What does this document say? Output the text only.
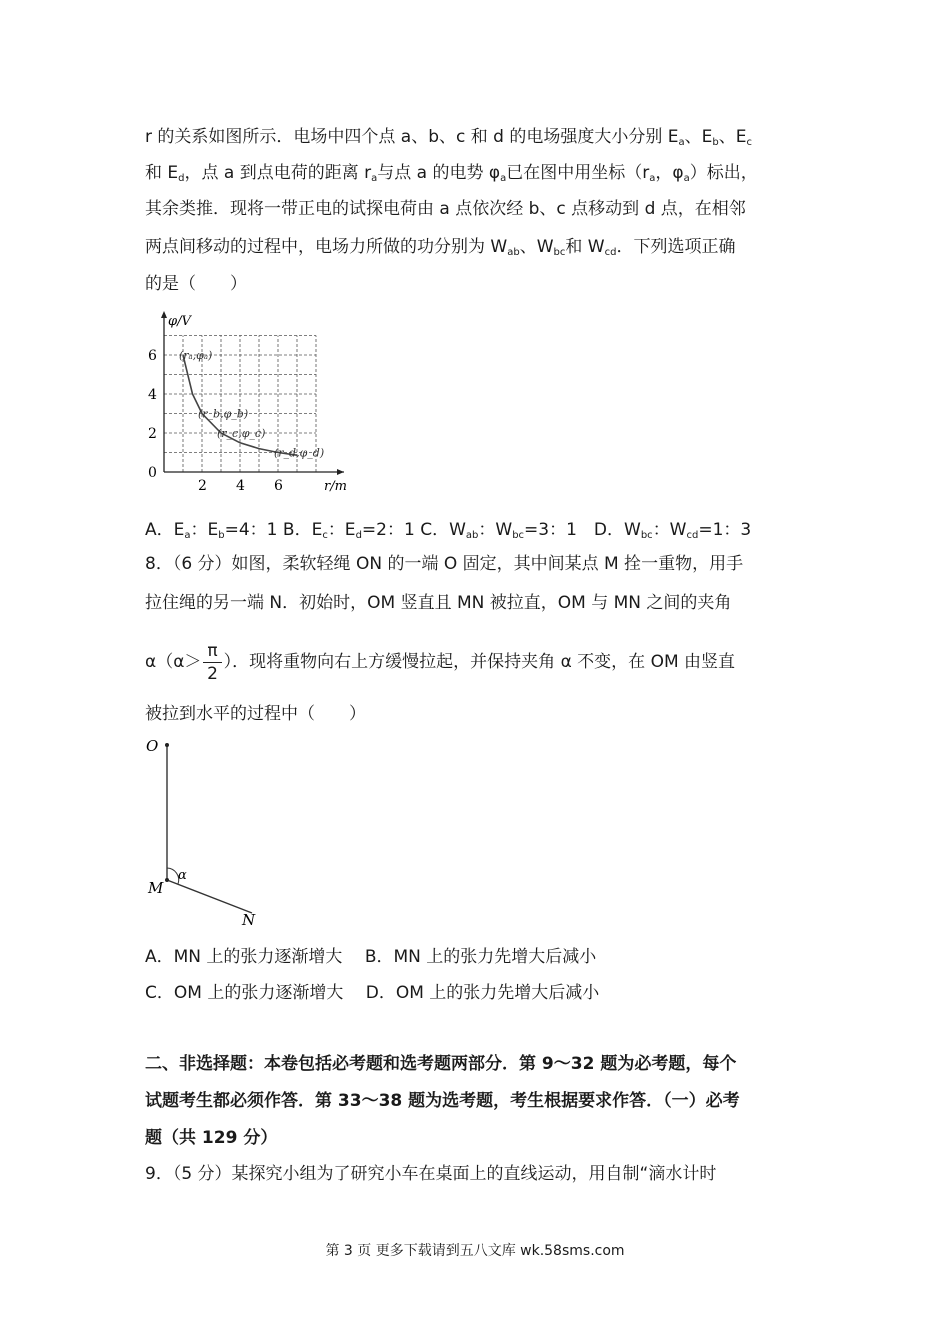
r 的关系如图所示．电场中四个点 a、b、c 和 d 的电场强度大小分别 $E_a$、$E_b$、$E_c$
和 $E_d$，点 a 到点电荷的距离 $r_a$与点 a 的电势 $\varphi_a$已在图中用坐标（$r_a$，$\varphi_a$）标出，
其余类推．现将一带正电的试探电荷由 a 点依次经 b、c 点移动到 d 点，在相邻
两点间移动的过程中，电场力所做的功分别为 $W_{ab}$、$W_{bc}$和 $W_{cd}$．下列选项正确
的是（　　）
0
2
4
6
2 4 6
(rₐ,φₐ)
(r_b,φ_b)
(r_c,φ_c)
(r_d,φ_d)
φ/V
r/m
A．$E_a$：$E_b=4$：1 B．$E_c$：$E_d=2$：1 C．$W_{ab}$：$W_{bc}=3$：1　D．$W_{bc}$：$W_{cd}=1$：3
8．（6 分）如图，柔软轻绳 ON 的一端 O 固定，其中间某点 M 拴一重物，用手
拉住绳的另一端 N．初始时，OM 竖直且 MN 被拉直，OM 与 MN 之间的夹角
$\alpha(\alpha> \frac{\pi}{2}$ ）．现将重物向右上方缓慢拉起，并保持夹角 α 不变，在 OM 由竖直
被拉到水平的过程中（　　）
O
M
N
α
A．MN 上的张力逐渐增大　 B．MN 上的张力先增大后减小
C．OM 上的张力逐渐增大　 D．OM 上的张力先增大后减小
二、非选择题：本卷包括必考题和选考题两部分．第 9～32 题为必考题，每个
试题考生都必须作答．第 33～38 题为选考题，考生根据要求作答．（一）必考
题（共 129 分）
9．（5 分）某探究小组为了研究小车在桌面上的直线运动，用自制“滴水计时
第 3 页 更多下载请到五八文库 wk.58sms.com
